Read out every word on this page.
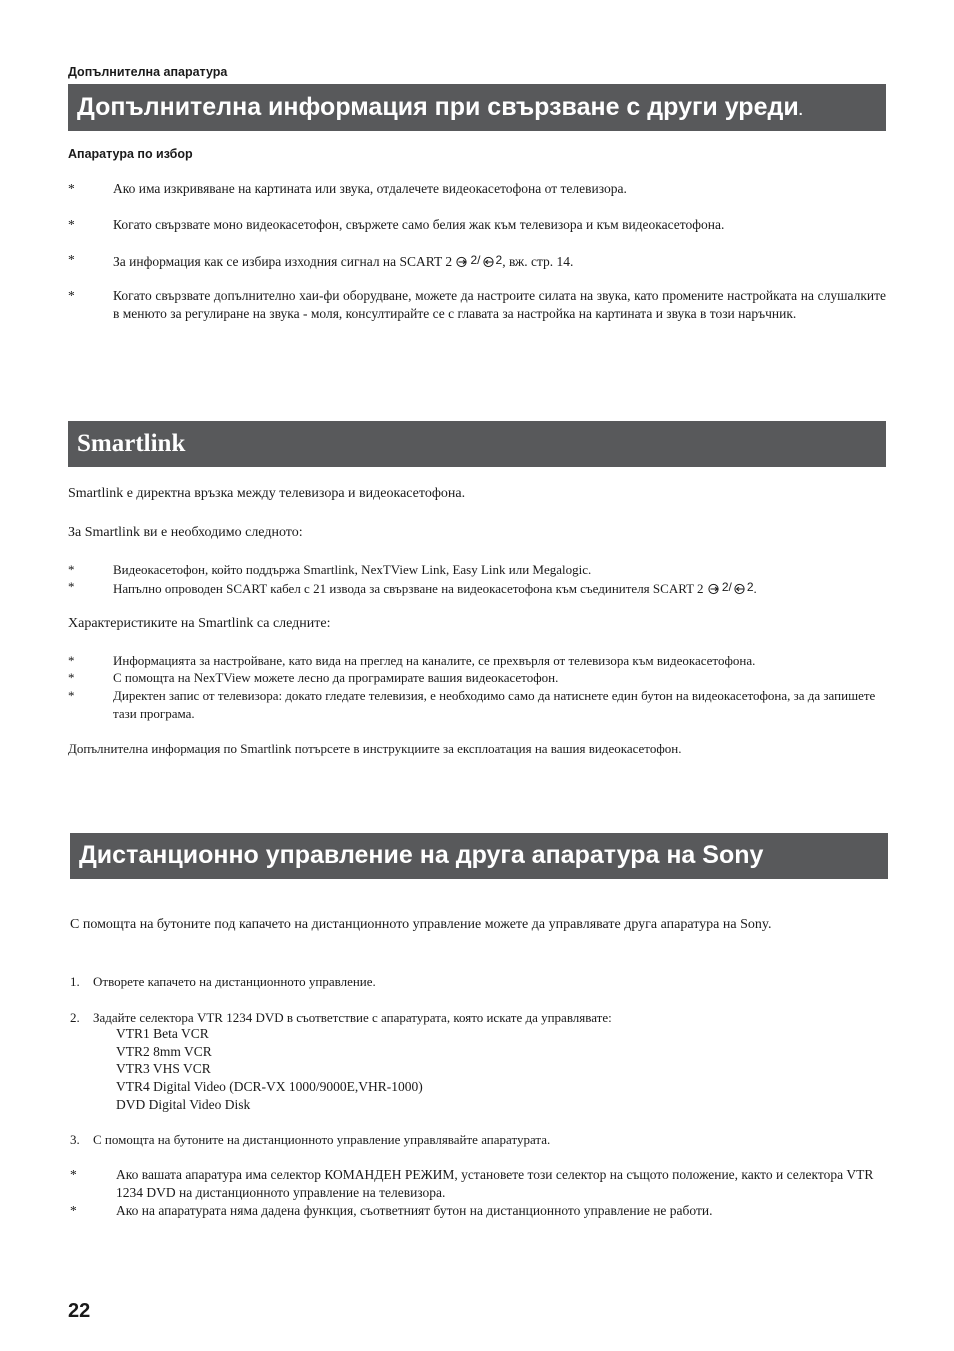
Допълнителна апаратура
Допълнителна информация при свързване с други уреди.
Апаратура по избор
*	Ако има изкривяване на картината или звука, отдалечете видеокасетофона от телевизора.
*	Когато свързвате моно видеокасетофон, свържете само белия жак към телевизора и към видеокасетофона.
*	За информация как се избира изходния сигнал на SCART 2 2/ 2, вж. стр. 14.
*	Когато свързвате допълнително хаи-фи оборудване, можете да настроите силата на звука, като промените настройката на слушалките в менюто за регулиране на звука - моля, консултирайте се с главата за настройка на картината и звука в този наръчник.
Smartlink
Smartlink е директна връзка между телевизора и видеокасетофона.
За Smartlink ви е необходимо следното:
*	Видеокасетофон, който поддържа Smartlink, NexTView Link, Easy Link или Megalogic.
*	Напълно опроводен SCART кабел с 21 извода за свързване на видеокасетофона към съединителя SCART 2 2/ 2.
Характеристиките на Smartlink са следните:
*	Информацията за настройване, като вида на преглед на каналите, се прехвърля от телевизора към видеокасетофона.
*	С помощта на NexTView можете лесно да програмирате вашия видеокасетофон.
*	Директен запис от телевизора: докато гледате телевизия, е необходимо само да натиснете един бутон на видеокасетофона, за да запишете тази програма.
Допълнителна информация по Smartlink потърсете в инструкциите за експлоатация на вашия видеокасетофон.
Дистанционно управление на друга апаратура на Sony
С помощта на бутоните под капачето на дистанционното управление можете да управлявате друга апаратура на Sony.
1. Отворете капачето на дистанционното управление.
2. Задайте селектора VTR 1234 DVD в съответствие с апаратурата, която искате да управлявате:
VTR1 Beta VCR
VTR2 8mm VCR
VTR3 VHS VCR
VTR4 Digital Video (DCR-VX 1000/9000E,VHR-1000)
DVD Digital Video Disk
3. С помощта на бутоните на дистанционното управление управлявайте апаратурата.
*	Ако вашата апаратура има селектор КОМАНДЕН РЕЖИМ, установете този селектор на същото положение, както и селектора VTR 1234 DVD на дистанционното управление на телевизора.
*	Ако на апаратурата няма дадена функция, съответният бутон на дистанционното управление не работи.
22
